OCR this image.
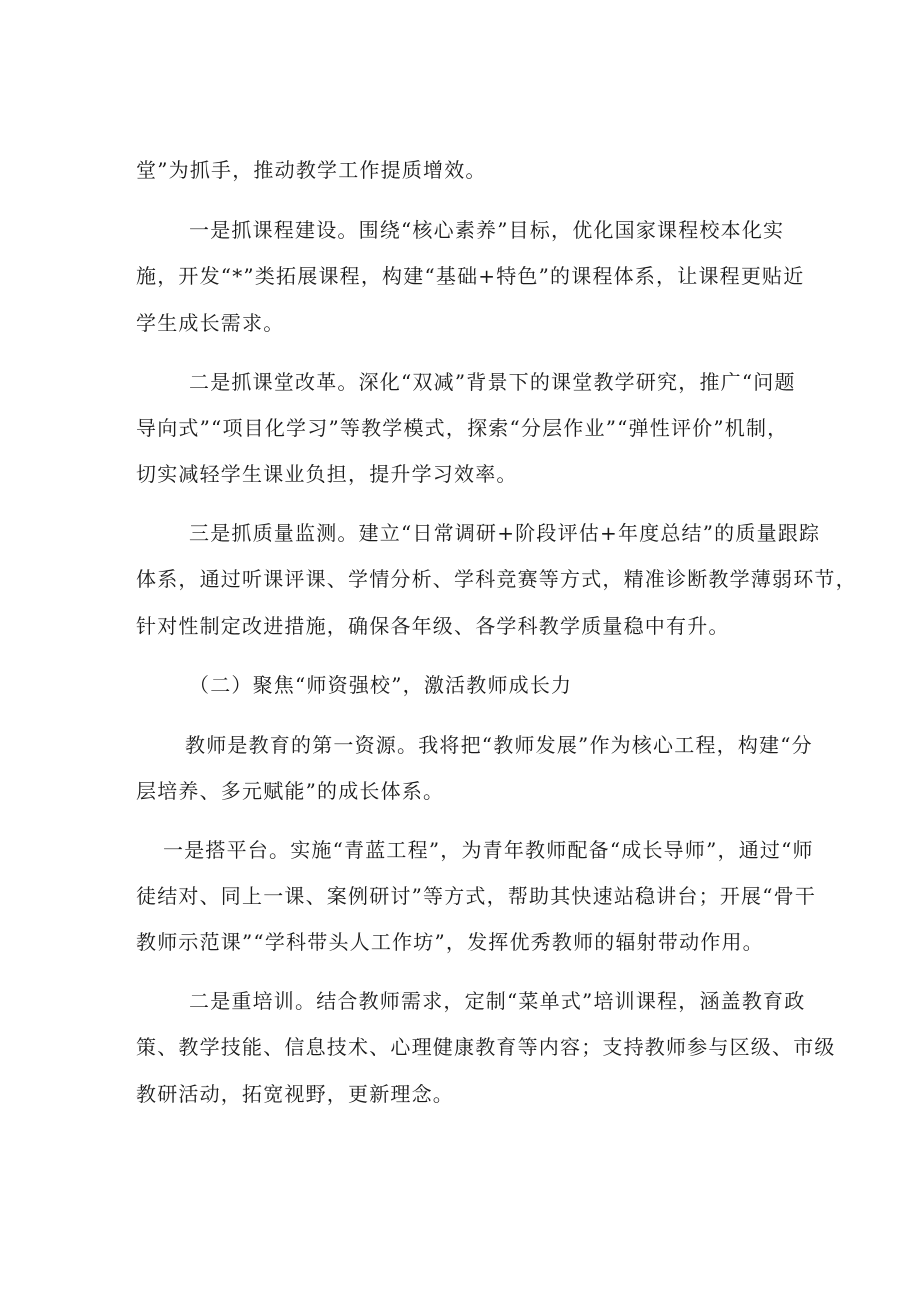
堂”为抓手，推动教学工作提质增效。
一是抓课程建设。围绕“核心素养”目标，优化国家课程校本化实
施，开发“*”类拓展课程，构建“基础+特色”的课程体系，让课程更贴近
学生成长需求。
二是抓课堂改革。深化“双减”背景下的课堂教学研究，推广“问题
导向式”“项目化学习”等教学模式，探索“分层作业”“弹性评价”机制，
切实减轻学生课业负担，提升学习效率。
三是抓质量监测。建立“日常调研+阶段评估+年度总结”的质量跟踪
体系，通过听课评课、学情分析、学科竞赛等方式，精准诊断教学薄弱环节，
针对性制定改进措施，确保各年级、各学科教学质量稳中有升。
（二）聚焦“师资强校”，激活教师成长力
教师是教育的第一资源。我将把“教师发展”作为核心工程，构建“分
层培养、多元赋能”的成长体系。
一是搭平台。实施“青蓝工程”，为青年教师配备“成长导师”，通过“师
徒结对、同上一课、案例研讨”等方式，帮助其快速站稳讲台；开展“骨干
教师示范课”“学科带头人工作坊”，发挥优秀教师的辐射带动作用。
二是重培训。结合教师需求，定制“菜单式”培训课程，涵盖教育政
策、教学技能、信息技术、心理健康教育等内容；支持教师参与区级、市级
教研活动，拓宽视野，更新理念。
